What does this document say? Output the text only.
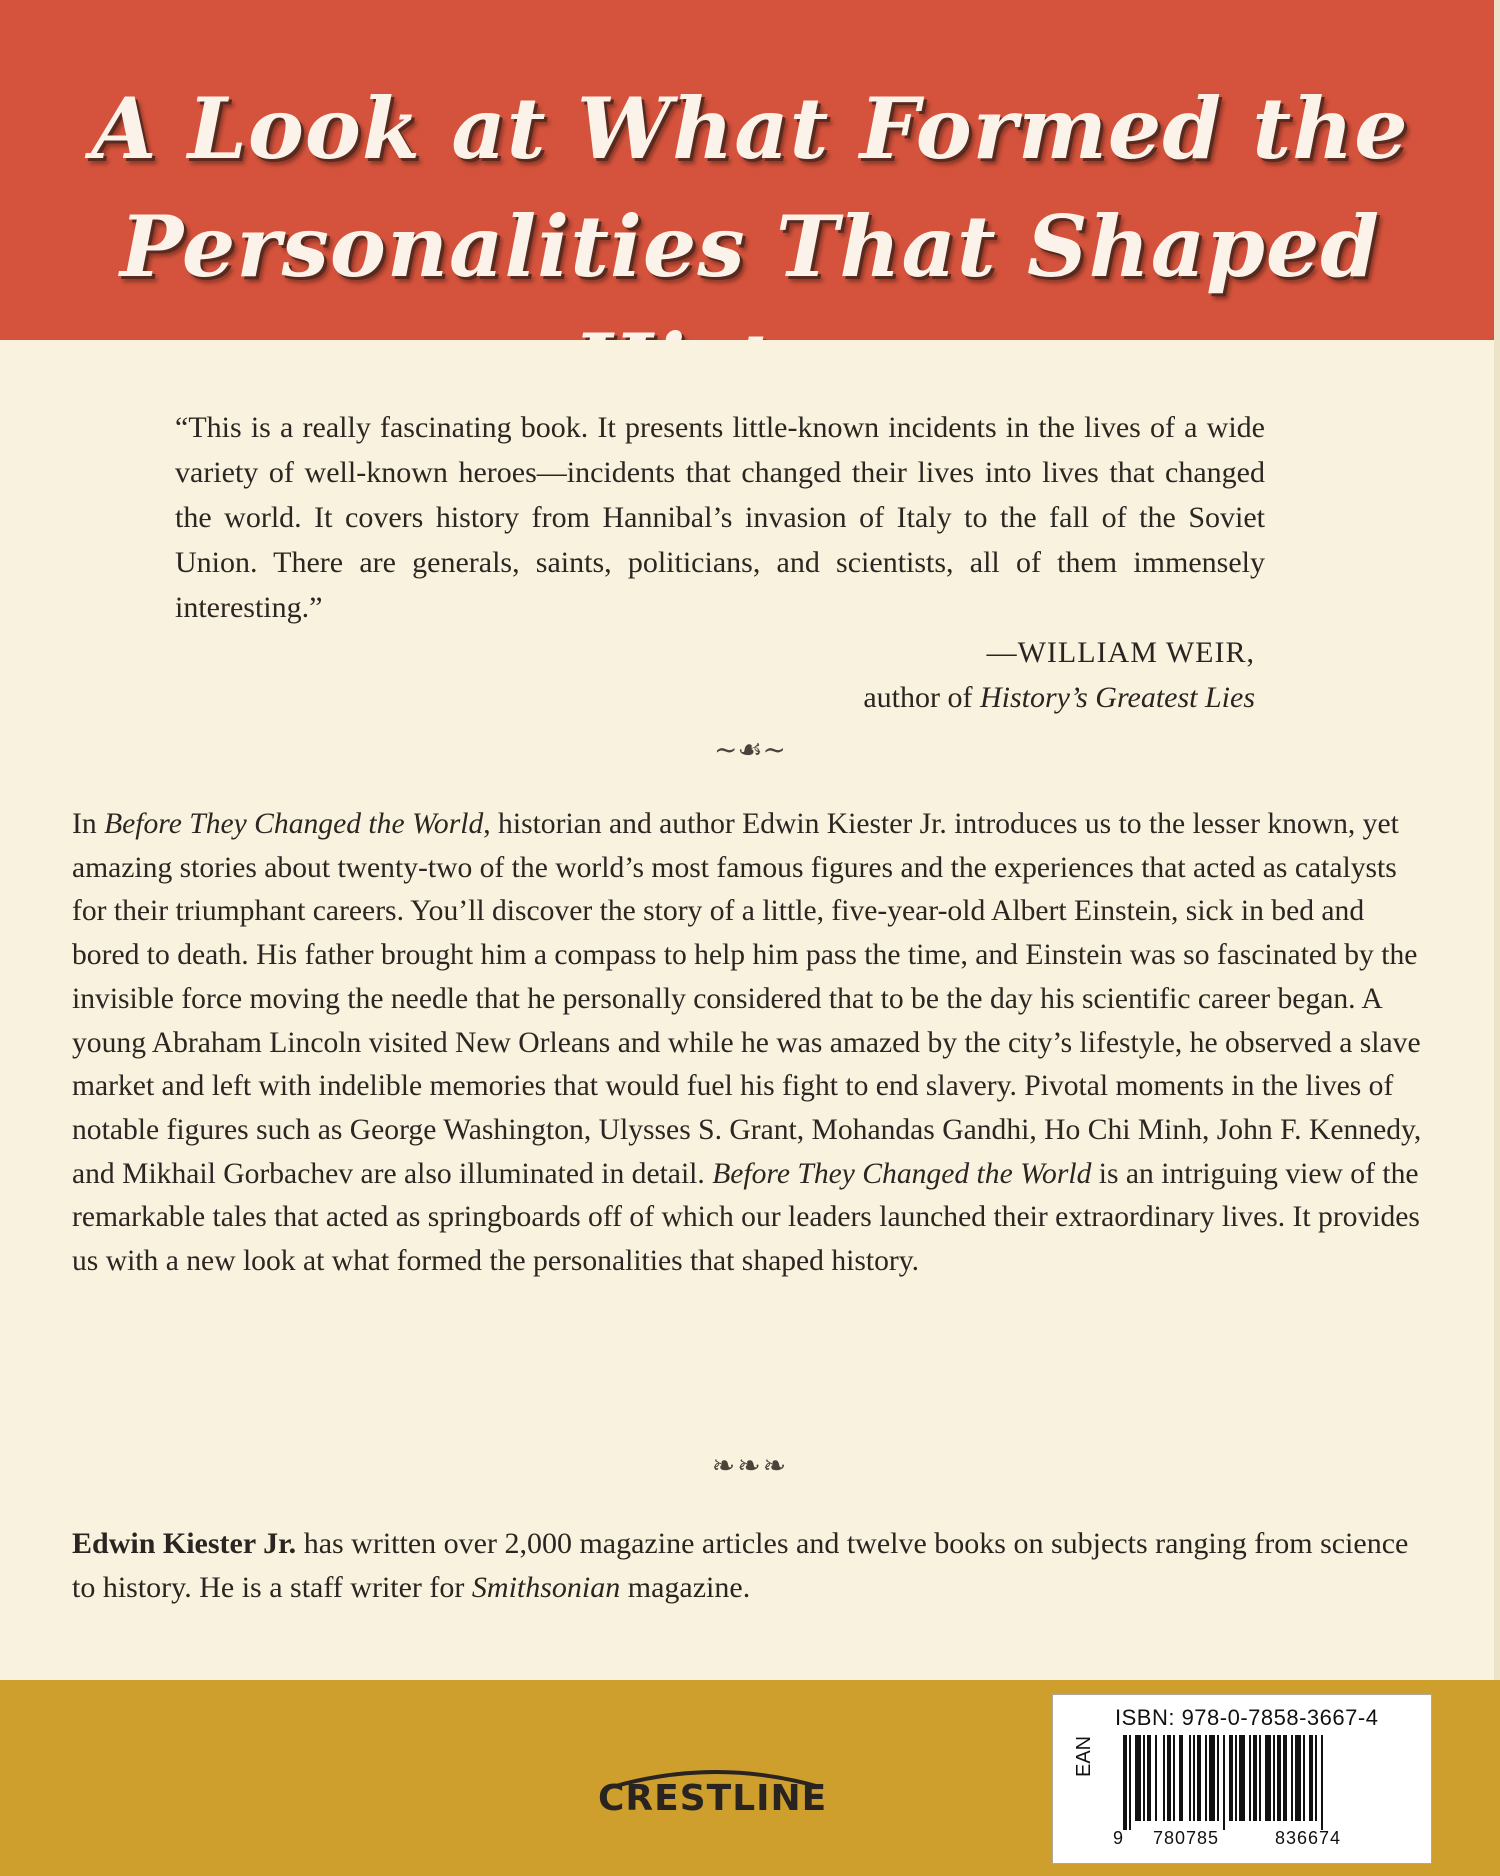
A Look at What Formed the
Personalities That Shaped

“This is a really fascinating book. It presents little-known incidents in the lives of a wide variety of well-known heroes—incidents that changed their lives into lives that changed the world. It covers history from Hannibal’s invasion of Italy to the fall of the Soviet Union. There are generals, saints, politicians, and scientists, all of them immensely interesting.”

—WILLIAM WEIR,
author of History’s Greatest Lies
~☙~

In Before They Changed the World, historian and author Edwin Kiester Jr. introduces us to the lesser known, yet amazing stories about twenty-two of the world’s most famous figures and the experiences that acted as catalysts for their triumphant careers. You’ll discover the story of a little, five-year-old Albert Einstein, sick in bed and bored to death. His father brought him a compass to help him pass the time, and Einstein was so fascinated by the invisible force moving the needle that he personally considered that to be the day his scientific career began. A young Abraham Lincoln visited New Orleans and while he was amazed by the city’s lifestyle, he observed a slave market and left with indelible memories that would fuel his fight to end slavery. Pivotal moments in the lives of notable figures such as George Washington, Ulysses S. Grant, Mohandas Gandhi, Ho Chi Minh, John F. Kennedy, and Mikhail Gorbachev are also illuminated in detail. Before They Changed the World is an intriguing view of the remarkable tales that acted as springboards off of which our leaders launched their extraordinary lives. It provides us with a new look at what formed the personalities that shaped history.

❧❧❧

Edwin Kiester Jr. has written over 2,000 magazine articles and twelve books on subjects ranging from science to history. He is a staff writer for Smithsonian magazine.

CRESTLINE
ISBN: 978-0-7858-3667-4
EAN
9 780785	836674
